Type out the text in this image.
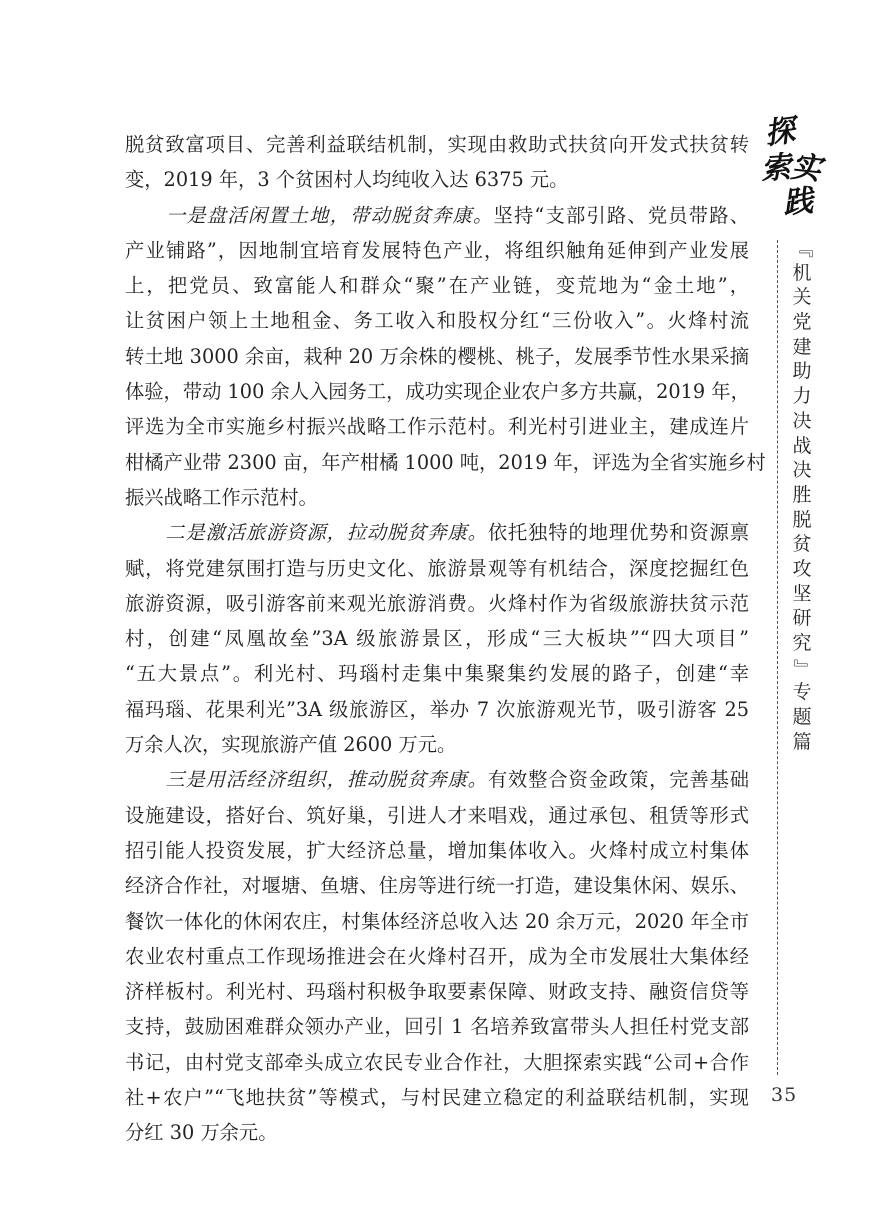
脱贫致富项目、完善利益联结机制，实现由救助式扶贫向开发式扶贫转
变，2019 年，3 个贫困村人均纯收入达 6375 元。
　　一是盘活闲置土地，带动脱贫奔康。坚持“支部引路、党员带路、
产业铺路”，因地制宜培育发展特色产业，将组织触角延伸到产业发展
上，把党员、致富能人和群众“聚”在产业链，变荒地为“金土地”，
让贫困户领上土地租金、务工收入和股权分红“三份收入”。火烽村流
转土地 3000 余亩，栽种 20 万余株的樱桃、桃子，发展季节性水果采摘
体验，带动 100 余人入园务工，成功实现企业农户多方共赢，2019 年，
评选为全市实施乡村振兴战略工作示范村。利光村引进业主，建成连片
柑橘产业带 2300 亩，年产柑橘 1000 吨，2019 年，评选为全省实施乡村
振兴战略工作示范村。
　　二是激活旅游资源，拉动脱贫奔康。依托独特的地理优势和资源禀
赋，将党建氛围打造与历史文化、旅游景观等有机结合，深度挖掘红色
旅游资源，吸引游客前来观光旅游消费。火烽村作为省级旅游扶贫示范
村，创建“凤凰故垒”3A 级旅游景区，形成“三大板块”“四大项目”
“五大景点”。利光村、玛瑙村走集中集聚集约发展的路子，创建“幸
福玛瑙、花果利光”3A 级旅游区，举办 7 次旅游观光节，吸引游客 25
万余人次，实现旅游产值 2600 万元。
　　三是用活经济组织，推动脱贫奔康。有效整合资金政策，完善基础
设施建设，搭好台、筑好巢，引进人才来唱戏，通过承包、租赁等形式
招引能人投资发展，扩大经济总量，增加集体收入。火烽村成立村集体
经济合作社，对堰塘、鱼塘、住房等进行统一打造，建设集休闲、娱乐、
餐饮一体化的休闲农庄，村集体经济总收入达 20 余万元，2020 年全市
农业农村重点工作现场推进会在火烽村召开，成为全市发展壮大集体经
济样板村。利光村、玛瑙村积极争取要素保障、财政支持、融资信贷等
支持，鼓励困难群众领办产业，回引 1 名培养致富带头人担任村党支部
书记，由村党支部牵头成立农民专业合作社，大胆探索实践“公司+合作
社+农户”“飞地扶贫”等模式，与村民建立稳定的利益联结机制，实现
分红 30 万余元。
探
索
实
践
『
机
关
党
建
助
力
决
战
决
胜
脱
贫
攻
坚
研
究
』
专
题
篇
35
